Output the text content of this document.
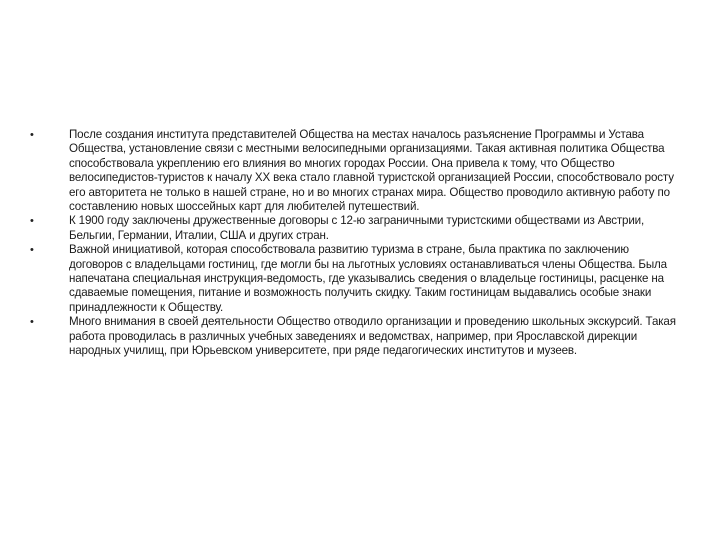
•	После создания института представителей Общества на местах началось разъяснение Программы и Устава Общества, установление связи с местными велосипедными организациями. Такая активная политика Общества способствовала укреплению его влияния во многих городах России. Она привела к тому, что Общество велосипедистов-туристов к началу XX века стало главной туристской организацией России, способствовало росту его авторитета не только в нашей стране, но и во многих странах мира. Общество проводило активную работу по составлению новых шоссейных карт для любителей путешествий.
•	К 1900 году заключены дружественные договоры с 12-ю заграничными туристскими обществами из Австрии, Бельгии, Германии, Италии, США и других стран.
•	Важной инициативой, которая способствовала развитию туризма в стране, была практика по заключению договоров с владельцами гостиниц, где могли бы на льготных условиях останавливаться члены Общества. Была напечатана специальная инструкция-ведомость, где указывались сведения о владельце гостиницы, расценке на сдаваемые помещения, питание и возможность получить скидку. Таким гостиницам выдавались особые знаки принадлежности к Обществу.
•	Много внимания в своей деятельности Общество отводило организации и проведению школьных экскурсий. Такая работа проводилась в различных учебных заведениях и ведомствах, например, при Ярославской дирекции народных училищ, при Юрьевском университете, при ряде педагогических институтов и музеев.
